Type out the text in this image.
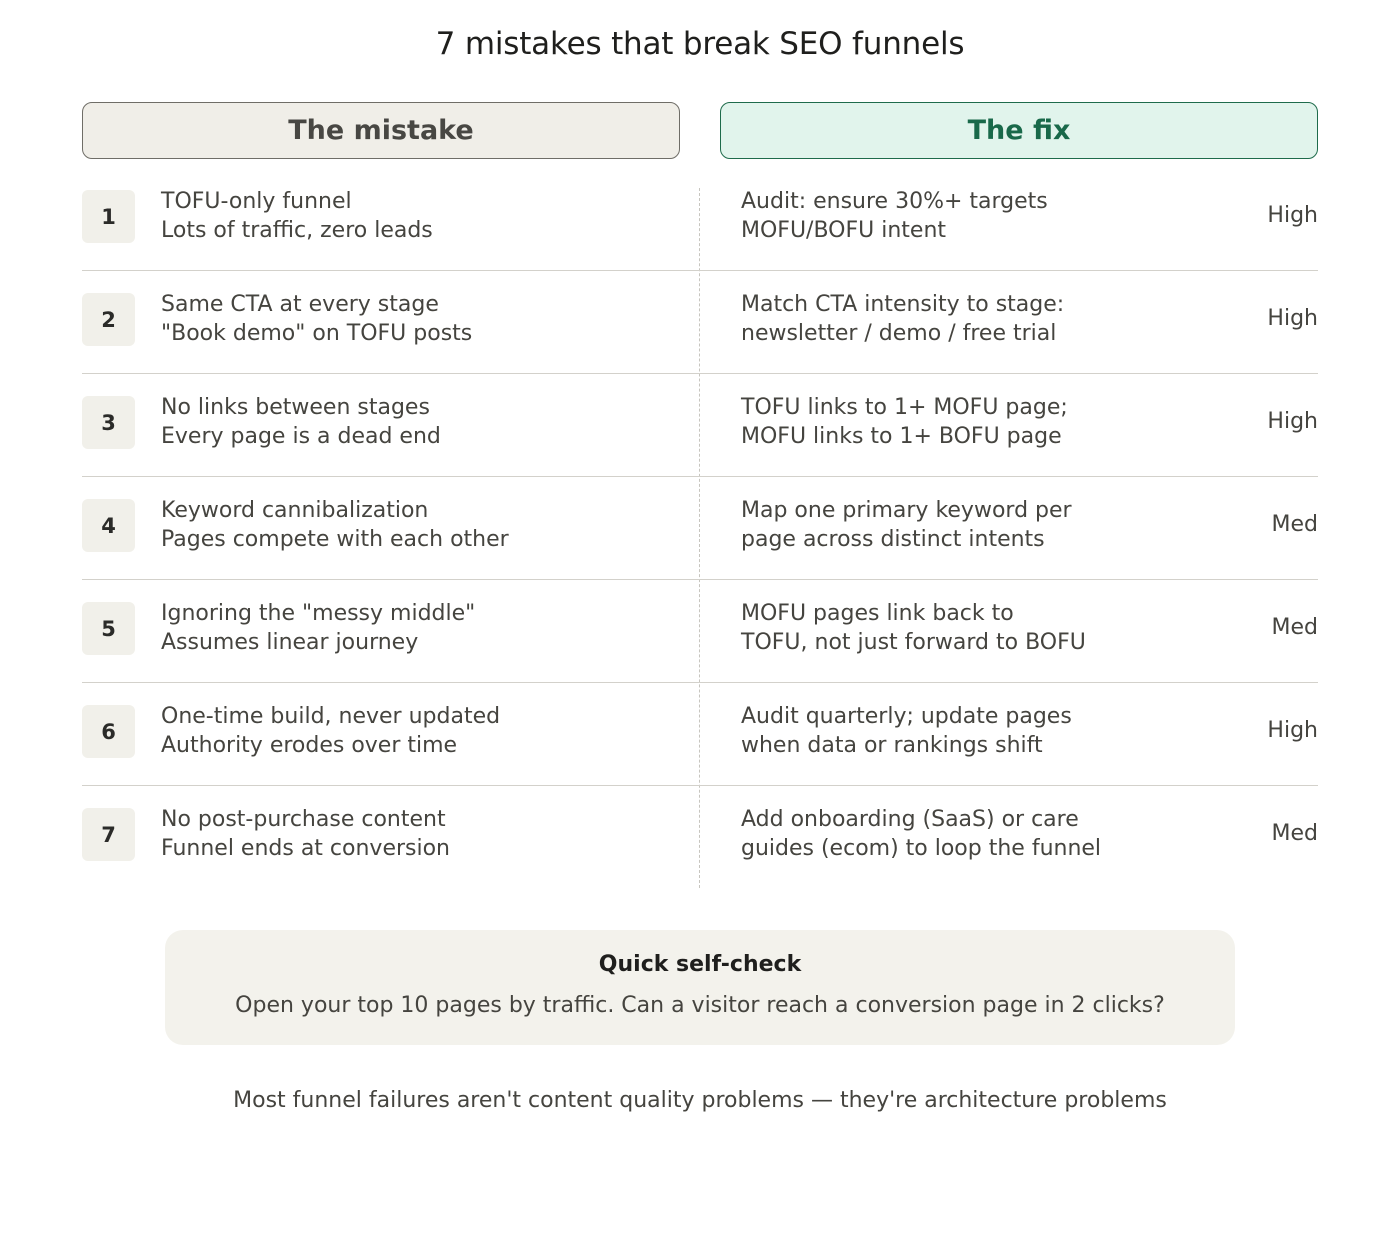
7 mistakes that break SEO funnels
The mistake	The fix
1
TOFU-only funnel
Lots of traffic, zero leads
Audit: ensure 30%+ targets
MOFU/BOFU intent
High
2
Same CTA at every stage
"Book demo" on TOFU posts
Match CTA intensity to stage:
newsletter / demo / free trial
High
3
No links between stages
Every page is a dead end
TOFU links to 1+ MOFU page;
MOFU links to 1+ BOFU page
High
4
Keyword cannibalization
Pages compete with each other
Map one primary keyword per
page across distinct intents
Med
5
Ignoring the "messy middle"
Assumes linear journey
MOFU pages link back to
TOFU, not just forward to BOFU
Med
6
One-time build, never updated
Authority erodes over time
Audit quarterly; update pages
when data or rankings shift
High
7
No post-purchase content
Funnel ends at conversion
Add onboarding (SaaS) or care
guides (ecom) to loop the funnel
Med
Quick self-check
Open your top 10 pages by traffic. Can a visitor reach a conversion page in 2 clicks?
Most funnel failures aren't content quality problems — they're architecture problems
